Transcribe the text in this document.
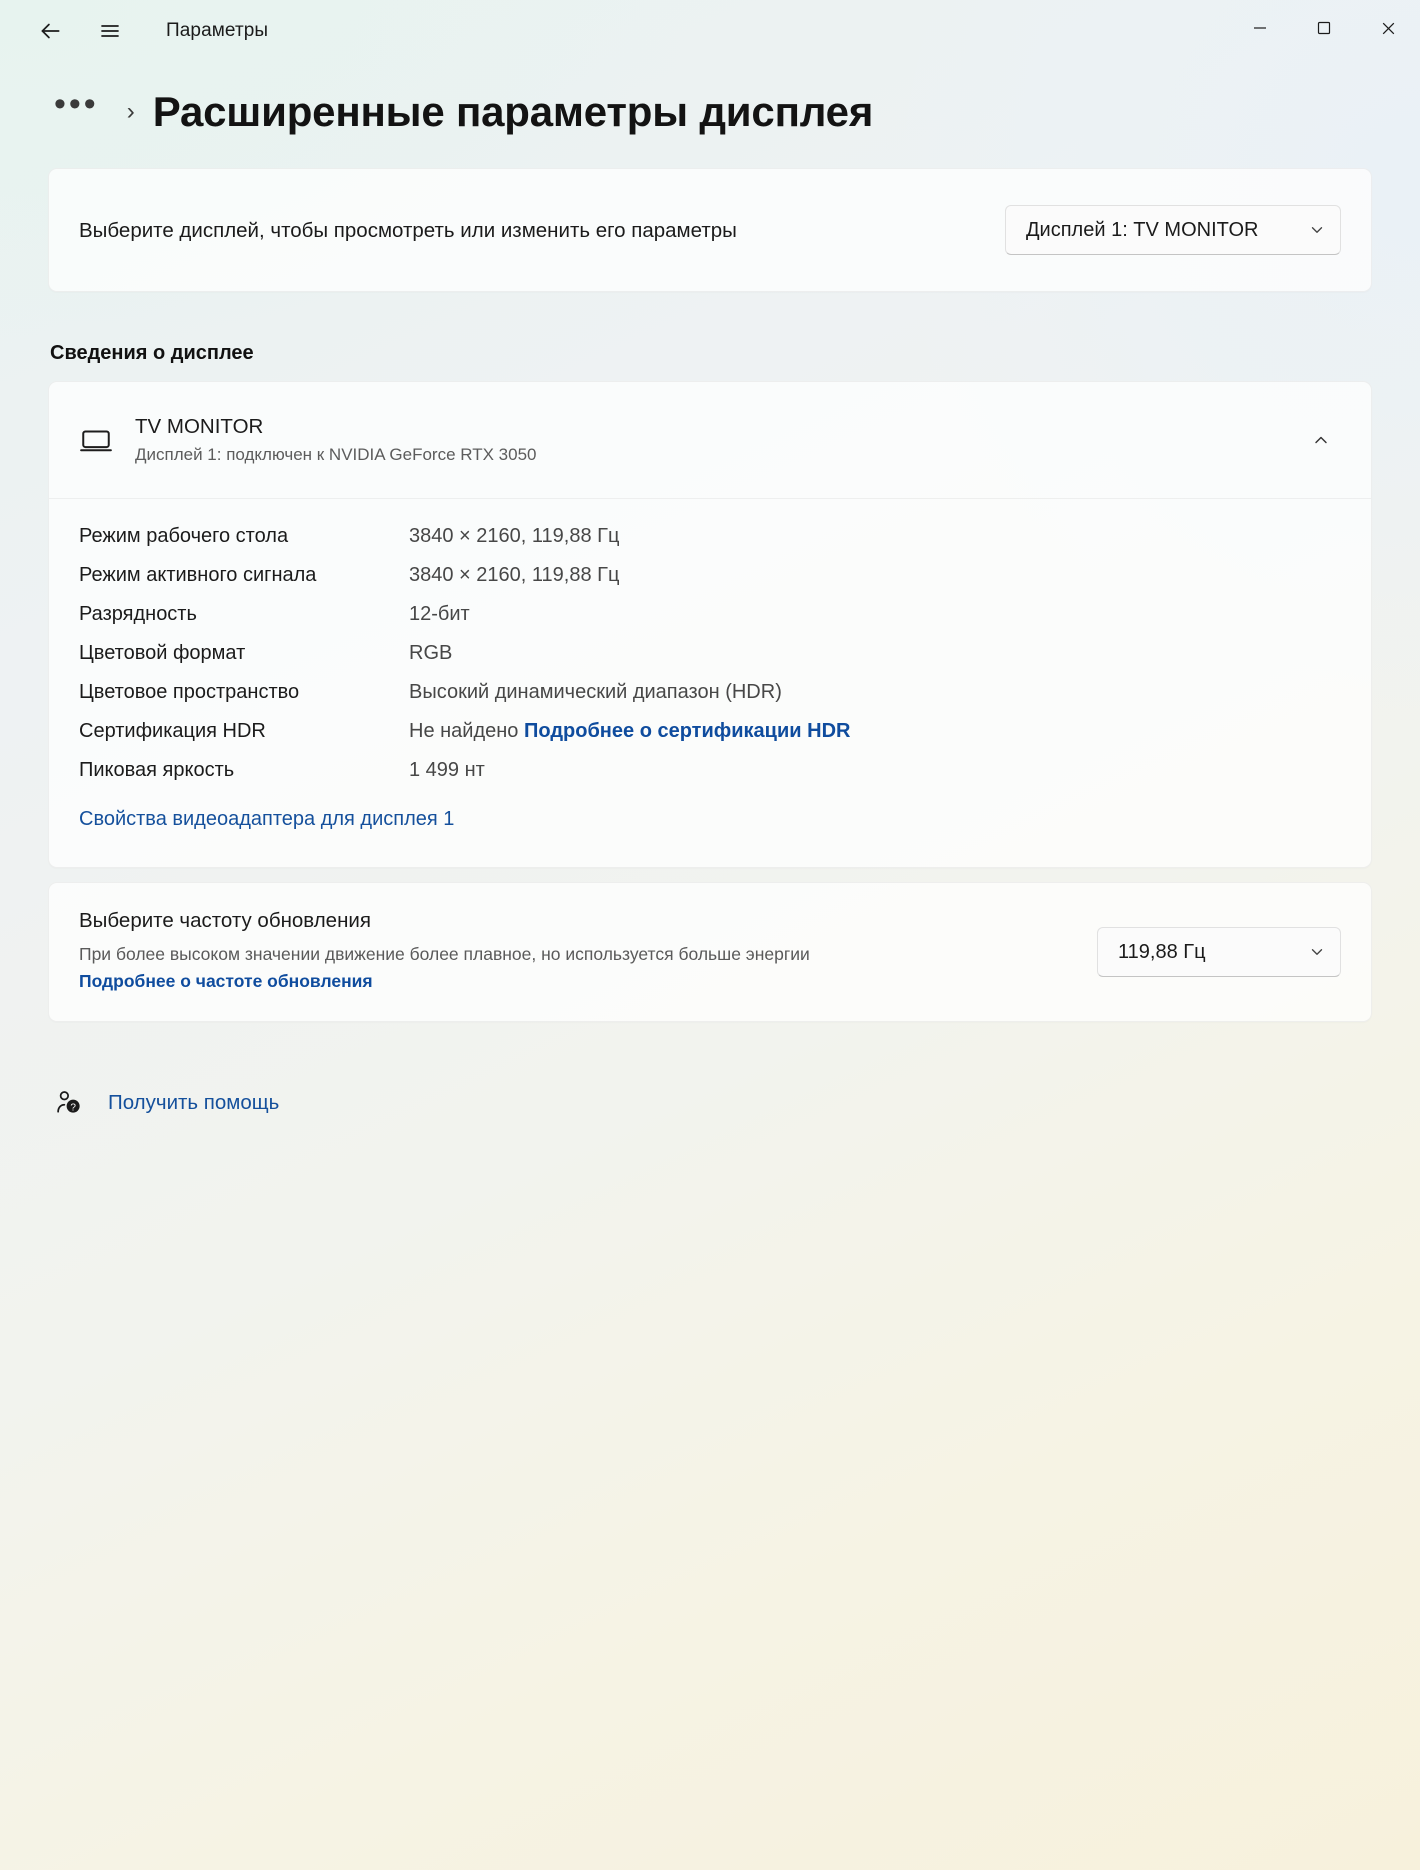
Параметры
••• › Расширенные параметры дисплея
Выберите дисплей, чтобы просмотреть или изменить его параметры	Дисплей 1: TV MONITOR
Сведения о дисплее
TV MONITOR
Дисплей 1: подключен к NVIDIA GeForce RTX 3050
Режим рабочего стола	3840 × 2160, 119,88 Гц
Режим активного сигнала	3840 × 2160, 119,88 Гц
Разрядность	12-бит
Цветовой формат	RGB
Цветовое пространство	Высокий динамический диапазон (HDR)
Сертификация HDR	Не найдено Подробнее о сертификации HDR
Пиковая яркость	1 499 нт
Свойства видеоадаптера для дисплея 1
Выберите частоту обновления
При более высоком значении движение более плавное, но используется больше энергии Подробнее о частоте обновления
119,88 Гц
? Получить помощь
